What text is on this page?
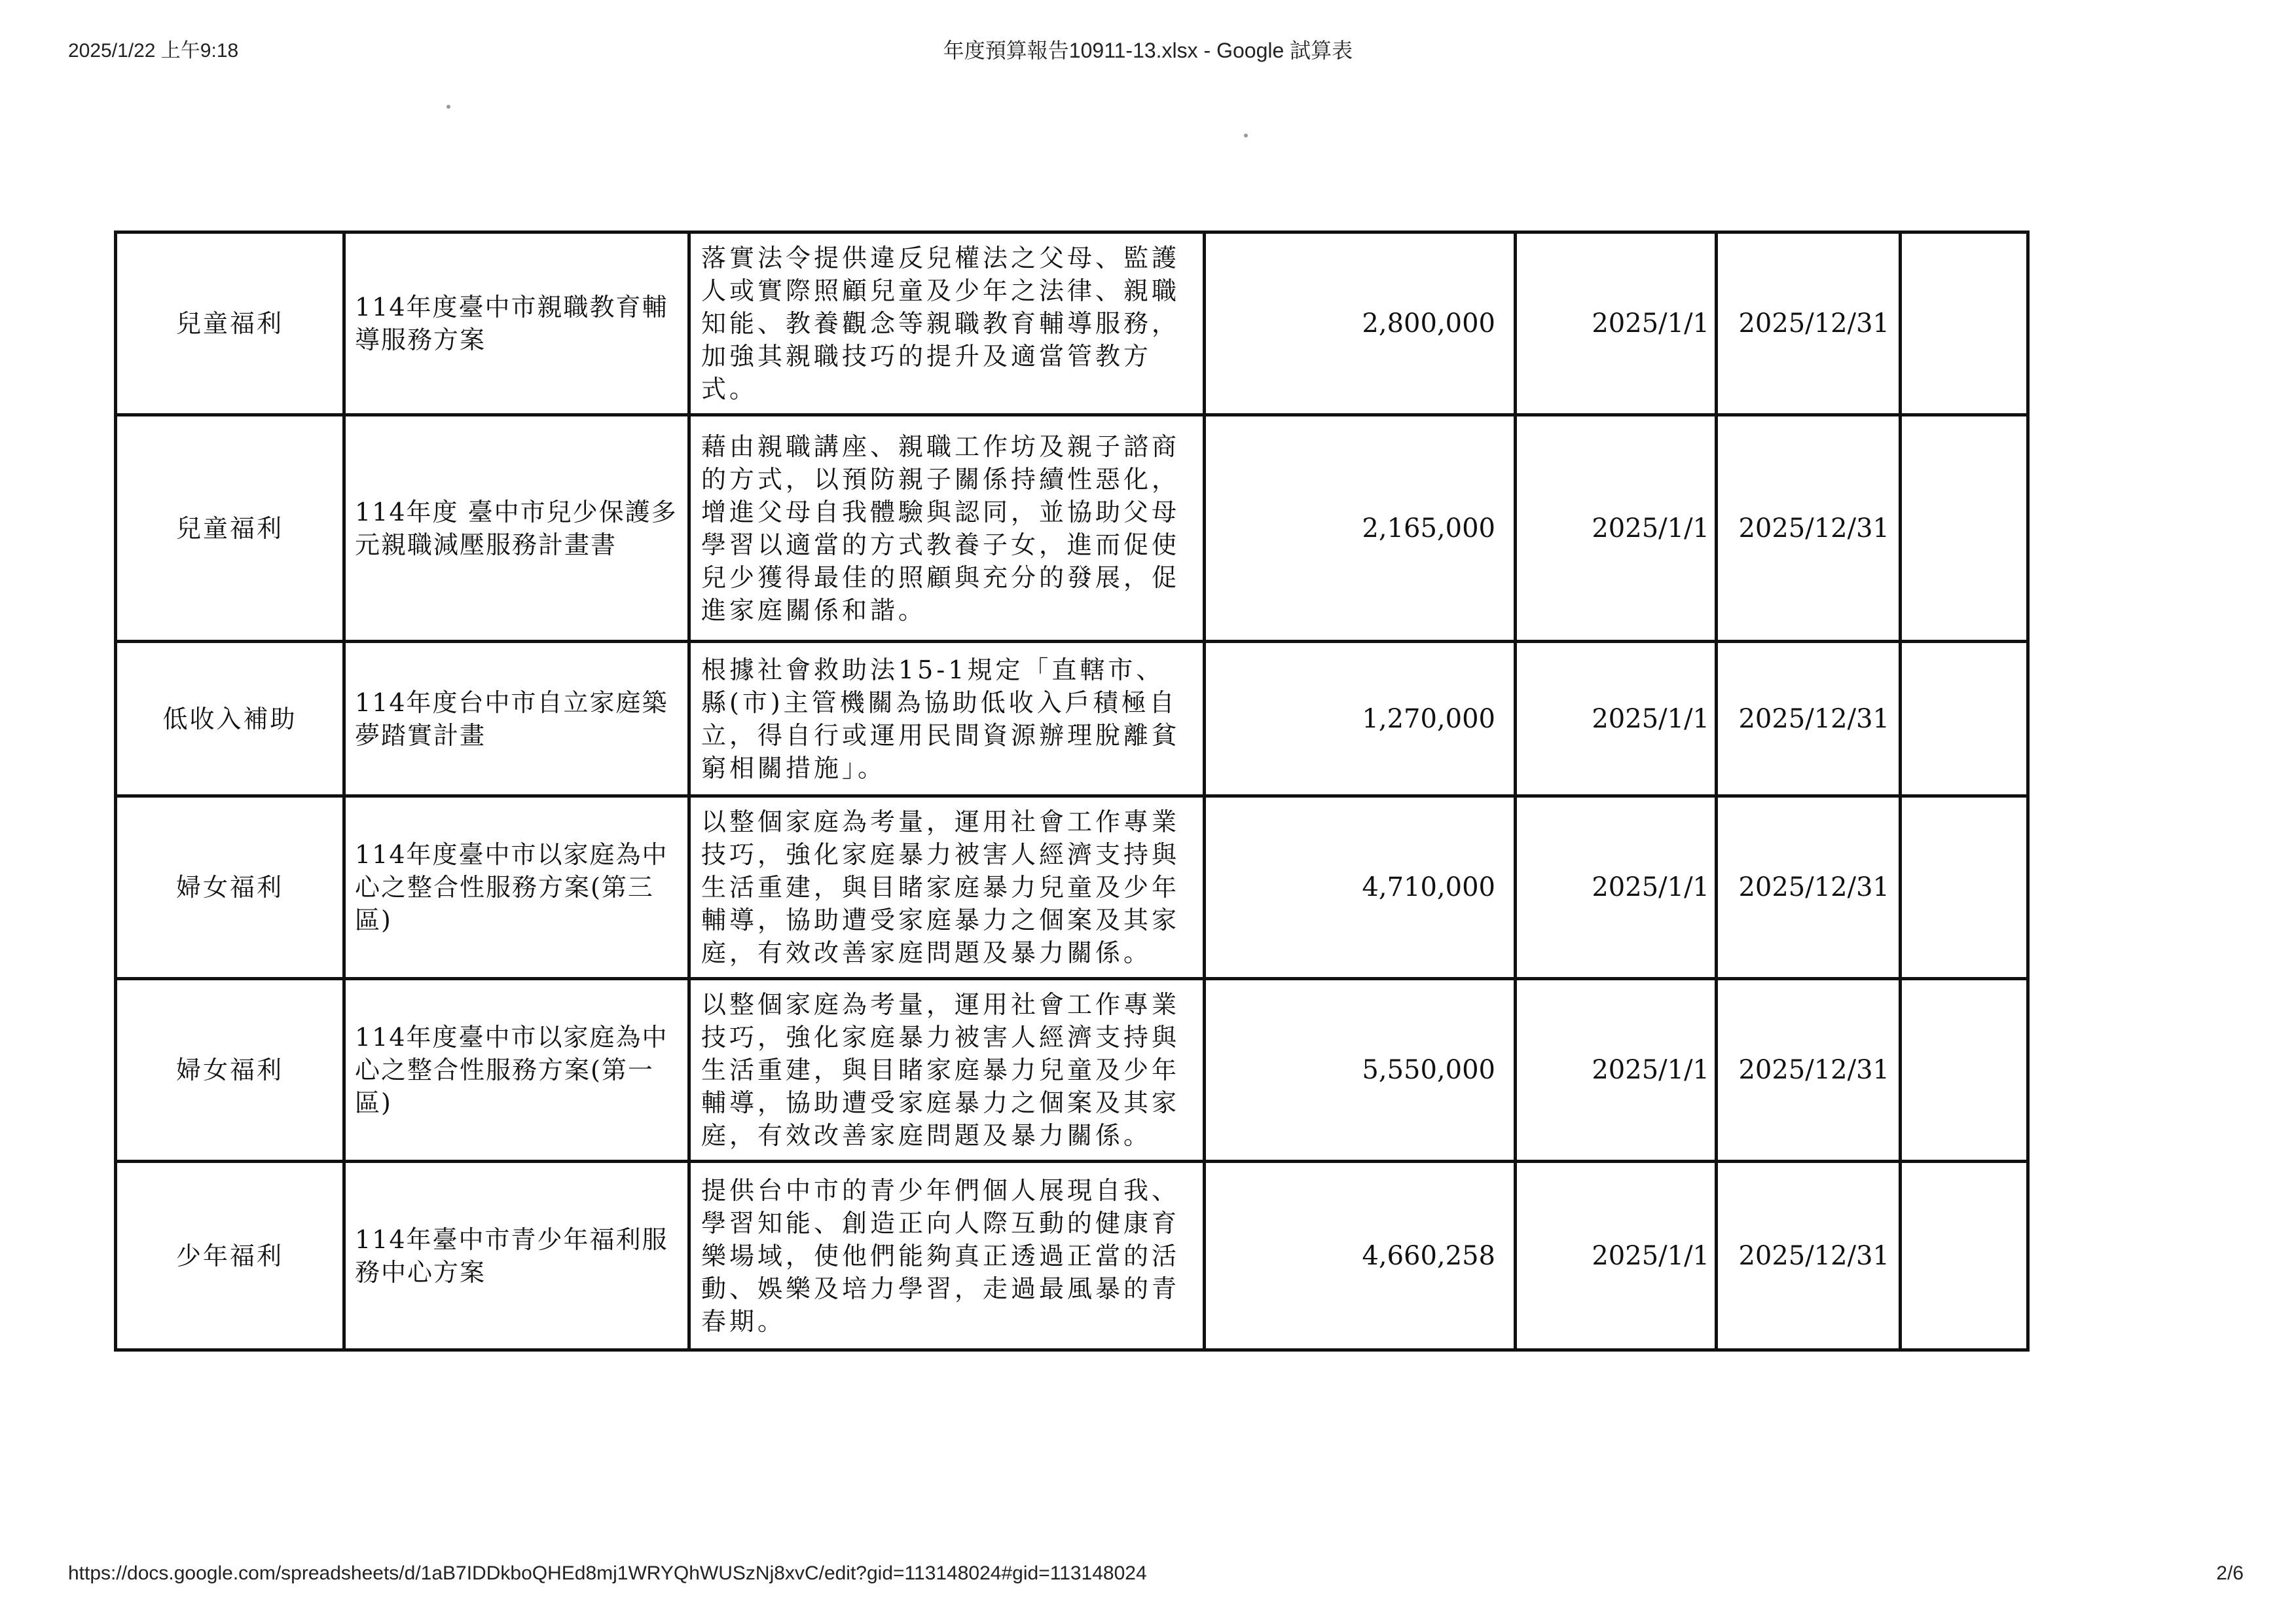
2025/1/22 上午9:18	年度預算報告10911-13.xlsx - Google 試算表
兒童福利	114年度臺中市親職教育輔導服務方案	落實法令提供違反兒權法之父母、監護人或實際照顧兒童及少年之法律、親職知能、教養觀念等親職教育輔導服務，加強其親職技巧的提升及適當管教方式。	2,800,000	2025/1/1	2025/12/31	
兒童福利	114年度 臺中市兒少保護多元親職減壓服務計畫書	藉由親職講座、親職工作坊及親子諮商的方式，以預防親子關係持續性惡化，增進父母自我體驗與認同，並協助父母學習以適當的方式教養子女，進而促使兒少獲得最佳的照顧與充分的發展，促進家庭關係和諧。	2,165,000	2025/1/1	2025/12/31	
低收入補助	114年度台中市自立家庭築夢踏實計畫	根據社會救助法15-1規定「直轄市、縣(市)主管機關為協助低收入戶積極自立，得自行或運用民間資源辦理脫離貧窮相關措施」。	1,270,000	2025/1/1	2025/12/31	
婦女福利	114年度臺中市以家庭為中心之整合性服務方案(第三區)	以整個家庭為考量，運用社會工作專業技巧，強化家庭暴力被害人經濟支持與生活重建，與目睹家庭暴力兒童及少年輔導，協助遭受家庭暴力之個案及其家庭，有效改善家庭問題及暴力關係。	4,710,000	2025/1/1	2025/12/31	
婦女福利	114年度臺中市以家庭為中心之整合性服務方案(第一區)	以整個家庭為考量，運用社會工作專業技巧，強化家庭暴力被害人經濟支持與生活重建，與目睹家庭暴力兒童及少年輔導，協助遭受家庭暴力之個案及其家庭，有效改善家庭問題及暴力關係。	5,550,000	2025/1/1	2025/12/31	
少年福利	114年臺中市青少年福利服務中心方案	提供台中市的青少年們個人展現自我、學習知能、創造正向人際互動的健康育樂場域，使他們能夠真正透過正當的活動、娛樂及培力學習，走過最風暴的青春期。	4,660,258	2025/1/1	2025/12/31	
https://docs.google.com/spreadsheets/d/1aB7IDDkboQHEd8mj1WRYQhWUSzNj8xvC/edit?gid=113148024#gid=113148024	2/6
